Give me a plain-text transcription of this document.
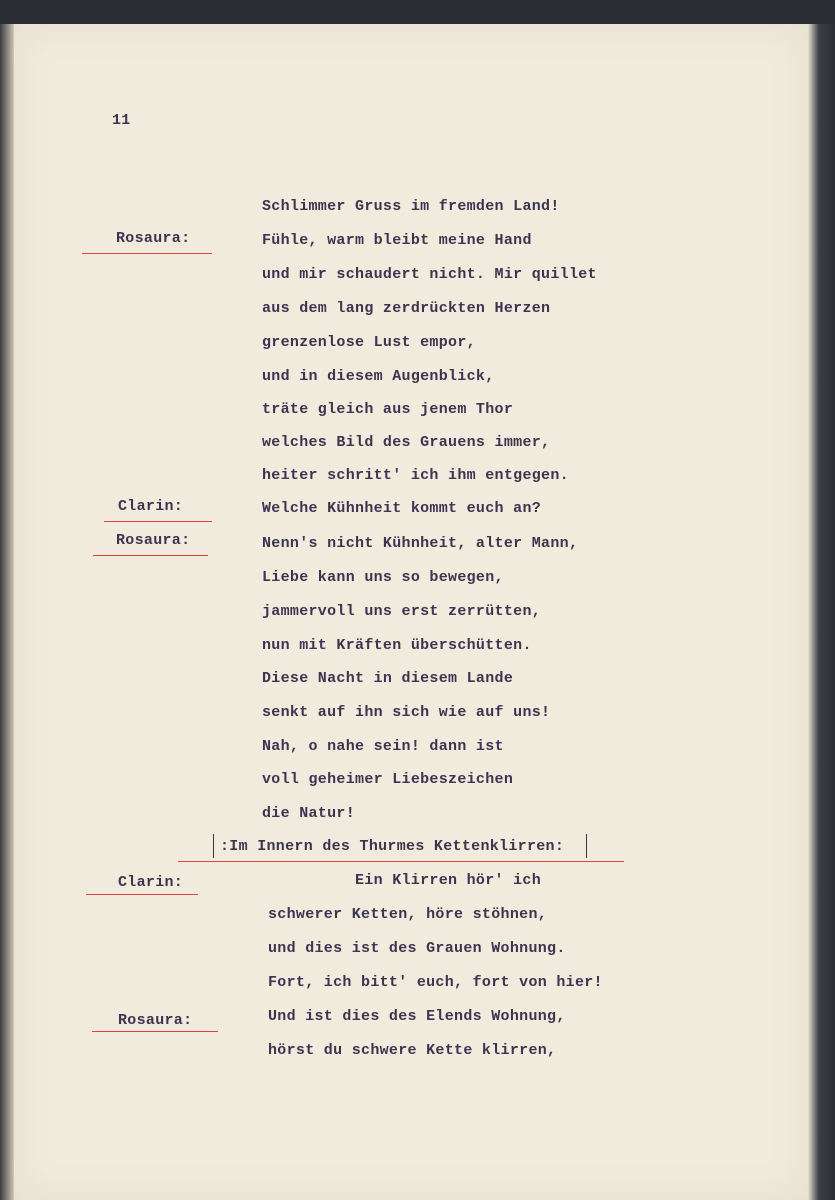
11
Rosaura:
Clarin:
Rosaura:
Schlimmer Gruss im fremden Land!
Fühle, warm bleibt meine Hand
und mir schaudert nicht. Mir quillet
aus dem lang zerdrückten Herzen
grenzenlose Lust empor,
und in diesem Augenblick,
träte gleich aus jenem Thor
welches Bild des Grauens immer,
heiter schritt' ich ihm entgegen.
Welche Kühnheit kommt euch an?
Nenn's nicht Kühnheit, alter Mann,
Liebe kann uns so bewegen,
jammervoll uns erst zerrütten,
nun mit Kräften überschütten.
Diese Nacht in diesem Lande
senkt auf ihn sich wie auf uns!
Nah, o nahe sein! dann ist
voll geheimer Liebeszeichen
die Natur!
:Im Innern des Thurmes Kettenklirren:
Clarin:
Rosaura:
Ein Klirren hör' ich
schwerer Ketten, höre stöhnen,
und dies ist des Grauen Wohnung.
Fort, ich bitt' euch, fort von hier!
Und ist dies des Elends Wohnung,
hörst du schwere Kette klirren,
